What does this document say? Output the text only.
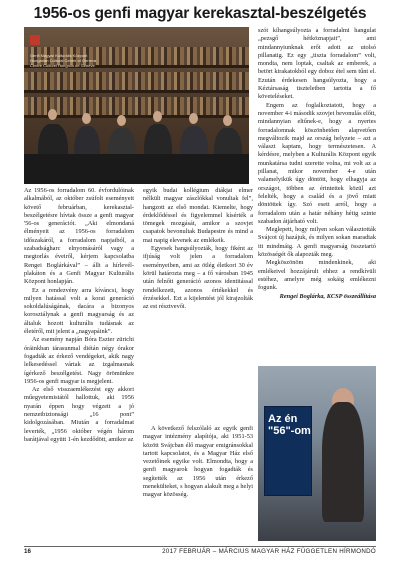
1956-os genfi magyar kerekasztal-beszélgetés
Genfi Magyar Kulturális Központ
Hungarian Cultural Centre of Geneva
Centre Culturel Hongrois de Genève

Az 1956-os forradalom 60. évfordulóinak alkalmából, az október zsúfolt eseményeit követő februárban, kerekasztal-beszélgetésre hívtak össze a genfi magyar '56-os generációt. „Aki elmondaná élményeit az 1956-os forradalom időszakáról, a forradalom napjaiból, a szabadságharc elnyomásáról vagy a megtorlás éveiről, kérjem kapcsolatba Rengei Boglárkával” – állt a hírlevél-plakáton és a Genfi Magyar Kulturális Központ honlapján.

Ez a rendezvény arra kíváncsi, hogy milyen hatással volt a korai generáció sokoldalúságának, dacára a bizonyos korosztálynak a genfi magyarság és az általuk hozott kulturális tudásnak az életéről, mit jelent a „nagyapáink”.

Az esemény napján Bóra Eszter zürichi óráinkban tárasunmal diétán négy órakor fogadták az érkező vendégeket, akik nagy lelkesedéssel vártak az izgalmasnak ígérkező beszélgetést. Nagy örömünkre 1956-os genfi magyar is megjelent.

Az első visszaemlékezést egy akkori műegyetemistától hallottuk, aki 1956 nyarán éppen hogy végzett a jó nemzetbiztonsági „16 pont” kidolgozásában. Miután a forradalmat leverték, „1956 október végén három barátjával együtt 1-én kezdődött, amikor az

egyik budai kollégium diákjai elmer nélküli magyar zászlókkal vonultak fel”, hangzott az első mondat. Kiemelte, hogy érdeklődéssel és figyelemmel kísérték a tömegek mozgását, amikor a szovjet csapatok bevonultak Budapestre és mind a mai napig elevenek az emlékeik.

Egyesek hangsúlyozták, hogy fiként az ifjúság volt jelen a forradalom eseményeiben, ami az ötlég életkori 30 év körül határozta meg – a fő városban 1945 után felnőtt generáció azonos identitással rendelkezett, azonos értékekkel és érzésekkel. Ezt a kijelentést jól kirajzolták az est résztvevői.

A következő felszólaló az egyik genfi magyar intézmény alapítója, aki 1951-53 között Svájcban élő magyar emigránsokkal tartott kapcsolatot, és a Magyar Ház első vezetőinek egyike volt. Elmondta, hogy a genfi magyarok hogyan fogadták és segítették az 1956 után érkező menekülteket, s hogyan alakult meg a helyi magyar közösség.

szót kíhangsúlyozta a forradalmi hangulat „pezsgő hétköznapjait”, ami mindannyiunknak erőt adott az utolsó pillanatig. Ez egy „tiszta forradalom” volt, mondta, nem loptak, csaltak az emberek, a betört kirakatokból egy doboz étel sem tűnt el. Ezután érdekesen hangsúlyozta, hogy a Kéztársaság tiszteletben tartotta a fő követeléseket.

Engem az foglalkoztatott, hogy a november 4-i második szovjet bevonulás előtt, mindannyian eltűnek-e, hogy a nyertes forradalomnak köszönhetően alapvetően megváltozik majd az ország helyzete – azt a választ kaptam, hogy természetesen. A kérdésre, melyben a Kulturális Központ egyik munkatársa tudni szerette volna, mi volt az a pillanat, mikor november 4-e után valamelyikük úgy döntött, hogy elhagyja az országot, többen az érintettek közül azt felelték, hogy a család és a jövő miatt döntöttek így. Szó esett arról, hogy a forradalom után a határ néhány hétig szinte szabadon átjárható volt.

Meglepett, hogy milyen sokan választották Svájcot új hazájuk, és milyen sokan maradtak itt mindmáig. A genfi magyarság összetartó közösségét ők alapozták meg.

Megköszönöm mindenkinek, aki emlékeivel hozzájárult ehhez a rendkívüli estéhez, amelyre még sokáig emlékezni fogunk.

Rengei Boglárka, KCSP összeállítása

Az én "56"-om
16	2017 FEBRUÁR – MÁRCIUS MAGYAR HÁZ FÜGGETLEN HÍRMONDÓ
